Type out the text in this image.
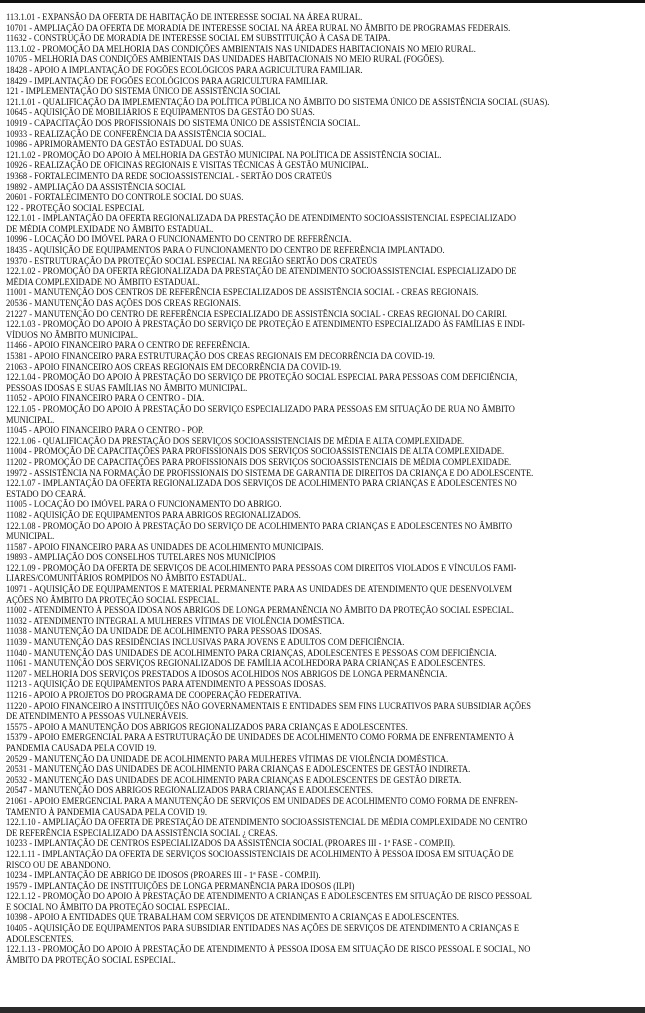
113.1.01 - EXPANSÃO DA OFERTA DE HABITAÇÃO DE INTERESSE SOCIAL NA ÁREA RURAL.
10701 - AMPLIAÇÃO DA OFERTA DE MORADIA DE INTERESSE SOCIAL NA ÁREA RURAL NO ÂMBITO DE PROGRAMAS FEDERAIS.
11632 - CONSTRUÇÃO DE MORADIA DE INTERESSE SOCIAL EM SUBSTITUIÇÃO À CASA DE TAIPA.
113.1.02 - PROMOÇÃO DA MELHORIA DAS CONDIÇÕES AMBIENTAIS NAS UNIDADES HABITACIONAIS NO MEIO RURAL.
10705 - MELHORIA DAS CONDIÇÕES AMBIENTAIS DAS UNIDADES HABITACIONAIS NO MEIO RURAL (FOGÕES).
18428 - APOIO A IMPLANTAÇÃO DE FOGÕES ECOLÓGICOS PARA AGRICULTURA FAMILIAR.
18429 - IMPLANTAÇÃO DE FOGÕES ECOLÓGICOS PARA AGRICULTURA FAMILIAR.
121 - IMPLEMENTAÇÃO DO SISTEMA ÚNICO DE ASSISTÊNCIA SOCIAL
121.1.01 - QUALIFICAÇÃO DA IMPLEMENTAÇÃO DA POLÍTICA PÚBLICA NO ÂMBITO DO SISTEMA ÚNICO DE ASSISTÊNCIA SOCIAL (SUAS).
10645 - AQUISIÇÃO DE MOBILIÁRIOS E EQUIPAMENTOS DA GESTÃO DO SUAS.
10919 - CAPACITAÇÃO DOS PROFISSIONAIS DO SISTEMA ÚNICO DE ASSISTÊNCIA SOCIAL.
10933 - REALIZAÇÃO DE CONFERÊNCIA DA ASSISTÊNCIA SOCIAL.
10986 - APRIMORAMENTO DA GESTÃO ESTADUAL DO SUAS.
121.1.02 - PROMOÇÃO DO APOIO À MELHORIA DA GESTÃO MUNICIPAL NA POLÍTICA DE ASSISTÊNCIA SOCIAL.
10926 - REALIZAÇÃO DE OFICINAS REGIONAIS E VISITAS TÉCNICAS À GESTÃO MUNICIPAL.
19368 - FORTALECIMENTO DA REDE SOCIOASSISTENCIAL - SERTÃO DOS CRATEÚS
19892 - AMPLIAÇÃO DA ASSISTÊNCIA SOCIAL
20601 - FORTALECIMENTO DO CONTROLE SOCIAL DO SUAS.
122 - PROTEÇÃO SOCIAL ESPECIAL
122.1.01 - IMPLANTAÇÃO DA OFERTA REGIONALIZADA DA PRESTAÇÃO DE ATENDIMENTO SOCIOASSISTENCIAL ESPECIALIZADO
DE MÉDIA COMPLEXIDADE NO ÂMBITO ESTADUAL.
10996 - LOCAÇÃO DO IMÓVEL PARA O FUNCIONAMENTO DO CENTRO DE REFERÊNCIA.
18435 - AQUISIÇÃO DE EQUIPAMENTOS PARA O FUNCIONAMENTO DO CENTRO DE REFERÊNCIA IMPLANTADO.
19370 - ESTRUTURAÇÃO DA PROTEÇÃO SOCIAL ESPECIAL NA REGIÃO SERTÃO DOS CRATEÚS
122.1.02 - PROMOÇÃO DA OFERTA REGIONALIZADA DA PRESTAÇÃO DE ATENDIMENTO SOCIOASSISTENCIAL ESPECIALIZADO DE
MÉDIA COMPLEXIDADE NO ÂMBITO ESTADUAL.
11001 - MANUTENÇÃO DOS CENTROS DE REFERÊNCIA ESPECIALIZADOS DE ASSISTÊNCIA SOCIAL - CREAS REGIONAIS.
20536 - MANUTENÇÃO DAS AÇÕES DOS CREAS REGIONAIS.
21227 - MANUTENÇÃO DO CENTRO DE REFERÊNCIA ESPECIALIZADO DE ASSISTÊNCIA SOCIAL - CREAS REGIONAL DO CARIRI.
122.1.03 - PROMOÇÃO DO APOIO À PRESTAÇÃO DO SERVIÇO DE PROTEÇÃO E ATENDIMENTO ESPECIALIZADO ÀS FAMÍLIAS E INDI-
VÍDUOS NO ÂMBITO MUNICIPAL.
11466 - APOIO FINANCEIRO PARA O CENTRO DE REFERÊNCIA.
15381 - APOIO FINANCEIRO PARA ESTRUTURAÇÃO DOS CREAS REGIONAIS EM DECORRÊNCIA DA COVID-19.
21063 - APOIO FINANCEIRO AOS CREAS REGIONAIS EM DECORRÊNCIA DA COVID-19.
122.1.04 - PROMOÇÃO DO APOIO À PRESTAÇÃO DO SERVIÇO DE PROTEÇÃO SOCIAL ESPECIAL PARA PESSOAS COM DEFICIÊNCIA,
PESSOAS IDOSAS E SUAS FAMÍLIAS NO ÂMBITO MUNICIPAL.
11052 - APOIO FINANCEIRO PARA O CENTRO - DIA.
122.1.05 - PROMOÇÃO DO APOIO À PRESTAÇÃO DO SERVIÇO ESPECIALIZADO PARA PESSOAS EM SITUAÇÃO DE RUA NO ÂMBITO
MUNICIPAL.
11045 - APOIO FINANCEIRO PARA O CENTRO - POP.
122.1.06 - QUALIFICAÇÃO DA PRESTAÇÃO DOS SERVIÇOS SOCIOASSISTENCIAIS DE MÉDIA E ALTA COMPLEXIDADE.
11004 - PROMOÇÃO DE CAPACITAÇÕES PARA PROFISSIONAIS DOS SERVIÇOS SOCIOASSISTENCIAIS DE ALTA COMPLEXIDADE.
11202 - PROMOÇÃO DE CAPACITAÇÕES PARA PROFISSIONAIS DOS SERVIÇOS SOCIOASSISTENCIAIS DE MÉDIA COMPLEXIDADE.
19972 - ASSISTÊNCIA NA FORMAÇÃO DE PROFISSIONAIS DO SISTEMA DE GARANTIA DE DIREITOS DA CRIANÇA E DO ADOLESCENTE.
122.1.07 - IMPLANTAÇÃO DA OFERTA REGIONALIZADA DOS SERVIÇOS DE ACOLHIMENTO PARA CRIANÇAS E ADOLESCENTES NO
ESTADO DO CEARÁ.
11005 - LOCAÇÃO DO IMÓVEL PARA O FUNCIONAMENTO DO ABRIGO.
11082 - AQUISIÇÃO DE EQUIPAMENTOS PARA ABRIGOS REGIONALIZADOS.
122.1.08 - PROMOÇÃO DO APOIO À PRESTAÇÃO DO SERVIÇO DE ACOLHIMENTO PARA CRIANÇAS E ADOLESCENTES NO ÂMBITO
MUNICIPAL.
11587 - APOIO FINANCEIRO PARA AS UNIDADES DE ACOLHIMENTO MUNICIPAIS.
19893 - AMPLIAÇÃO DOS CONSELHOS TUTELARES NOS MUNICÍPIOS
122.1.09 - PROMOÇÃO DA OFERTA DE SERVIÇOS DE ACOLHIMENTO PARA PESSOAS COM DIREITOS VIOLADOS E VÍNCULOS FAMI-
LIARES/COMUNITÁRIOS ROMPIDOS NO ÂMBITO ESTADUAL.
10971 - AQUISIÇÃO DE EQUIPAMENTOS E MATERIAL PERMANENTE PARA AS UNIDADES DE ATENDIMENTO QUE DESENVOLVEM
AÇÕES NO ÂMBITO DA PROTEÇÃO SOCIAL ESPECIAL.
11002 - ATENDIMENTO À PESSOA IDOSA NOS ABRIGOS DE LONGA PERMANÊNCIA NO ÂMBITO DA PROTEÇÃO SOCIAL ESPECIAL.
11032 - ATENDIMENTO INTEGRAL A MULHERES VÍTIMAS DE VIOLÊNCIA DOMÉSTICA.
11038 - MANUTENÇÃO DA UNIDADE DE ACOLHIMENTO PARA PESSOAS IDOSAS.
11039 - MANUTENÇÃO DAS RESIDÊNCIAS INCLUSIVAS PARA JOVENS E ADULTOS COM DEFICIÊNCIA.
11040 - MANUTENÇÃO DAS UNIDADES DE ACOLHIMENTO PARA CRIANÇAS, ADOLESCENTES E PESSOAS COM DEFICIÊNCIA.
11061 - MANUTENÇÃO DOS SERVIÇOS REGIONALIZADOS DE FAMÍLIA ACOLHEDORA PARA CRIANÇAS E ADOLESCENTES.
11207 - MELHORIA DOS SERVIÇOS PRESTADOS A IDOSOS ACOLHIDOS NOS ABRIGOS DE LONGA PERMANÊNCIA.
11213 - AQUISIÇÃO DE EQUIPAMENTOS PARA ATENDIMENTO A PESSOAS IDOSAS.
11216 - APOIO A PROJETOS DO PROGRAMA DE COOPERAÇÃO FEDERATIVA.
11220 - APOIO FINANCEIRO A INSTITUIÇÕES NÃO GOVERNAMENTAIS E ENTIDADES SEM FINS LUCRATIVOS PARA SUBSIDIAR AÇÕES
DE ATENDIMENTO A PESSOAS VULNERÁVEIS.
15575 - APOIO A MANUTENÇÃO DOS ABRIGOS REGIONALIZADOS PARA CRIANÇAS E ADOLESCENTES.
15379 - APOIO EMERGENCIAL PARA A ESTRUTURAÇÃO DE UNIDADES DE ACOLHIMENTO COMO FORMA DE ENFRENTAMENTO À
PANDEMIA CAUSADA PELA COVID 19.
20529 - MANUTENÇÃO DA UNIDADE DE ACOLHIMENTO PARA MULHERES VÍTIMAS DE VIOLÊNCIA DOMÉSTICA.
20531 - MANUTENÇÃO DAS UNIDADES DE ACOLHIMENTO PARA CRIANÇAS E ADOLESCENTES DE GESTÃO INDIRETA.
20532 - MANUTENÇÃO DAS UNIDADES DE ACOLHIMENTO PARA CRIANÇAS E ADOLESCENTES DE GESTÃO DIRETA.
20547 - MANUTENÇÃO DOS ABRIGOS REGIONALIZADOS PARA CRIANÇAS E ADOLESCENTES.
21061 - APOIO EMERGENCIAL PARA A MANUTENÇÃO DE SERVIÇOS EM UNIDADES DE ACOLHIMENTO COMO FORMA DE ENFREN-
TAMENTO À PANDEMIA CAUSADA PELA COVID 19.
122.1.10 - AMPLIAÇÃO DA OFERTA DE PRESTAÇÃO DE ATENDIMENTO SOCIOASSISTENCIAL DE MÉDIA COMPLEXIDADE NO CENTRO
DE REFERÊNCIA ESPECIALIZADO DA ASSISTÊNCIA SOCIAL ¿ CREAS.
10233 - IMPLANTAÇÃO DE CENTROS ESPECIALIZADOS DA ASSISTÊNCIA SOCIAL (PROARES III - 1ª FASE - COMP.II).
122.1.11 - IMPLANTAÇÃO DA OFERTA DE SERVIÇOS SOCIOASSISTENCIAIS DE ACOLHIMENTO À PESSOA IDOSA EM SITUAÇÃO DE
RISCO OU DE ABANDONO.
10234 - IMPLANTAÇÃO DE ABRIGO DE IDOSOS (PROARES III - 1ª FASE - COMP.II).
19579 - IMPLANTAÇÃO DE INSTITUIÇÕES DE LONGA PERMANÊNCIA PARA IDOSOS (ILPI)
122.1.12 - PROMOÇÃO DO APOIO À PRESTAÇÃO DE ATENDIMENTO A CRIANÇAS E ADOLESCENTES EM SITUAÇÃO DE RISCO PESSOAL
E SOCIAL NO ÂMBITO DA PROTEÇÃO SOCIAL ESPECIAL.
10398 - APOIO A ENTIDADES QUE TRABALHAM COM SERVIÇOS DE ATENDIMENTO A CRIANÇAS E ADOLESCENTES.
10405 - AQUISIÇÃO DE EQUIPAMENTOS PARA SUBSIDIAR ENTIDADES NAS AÇÕES DE SERVIÇOS DE ATENDIMENTO A CRIANÇAS E
ADOLESCENTES.
122.1.13 - PROMOÇÃO DO APOIO À PRESTAÇÃO DE ATENDIMENTO À PESSOA IDOSA EM SITUAÇÃO DE RISCO PESSOAL E SOCIAL, NO
ÂMBITO DA PROTEÇÃO SOCIAL ESPECIAL.
